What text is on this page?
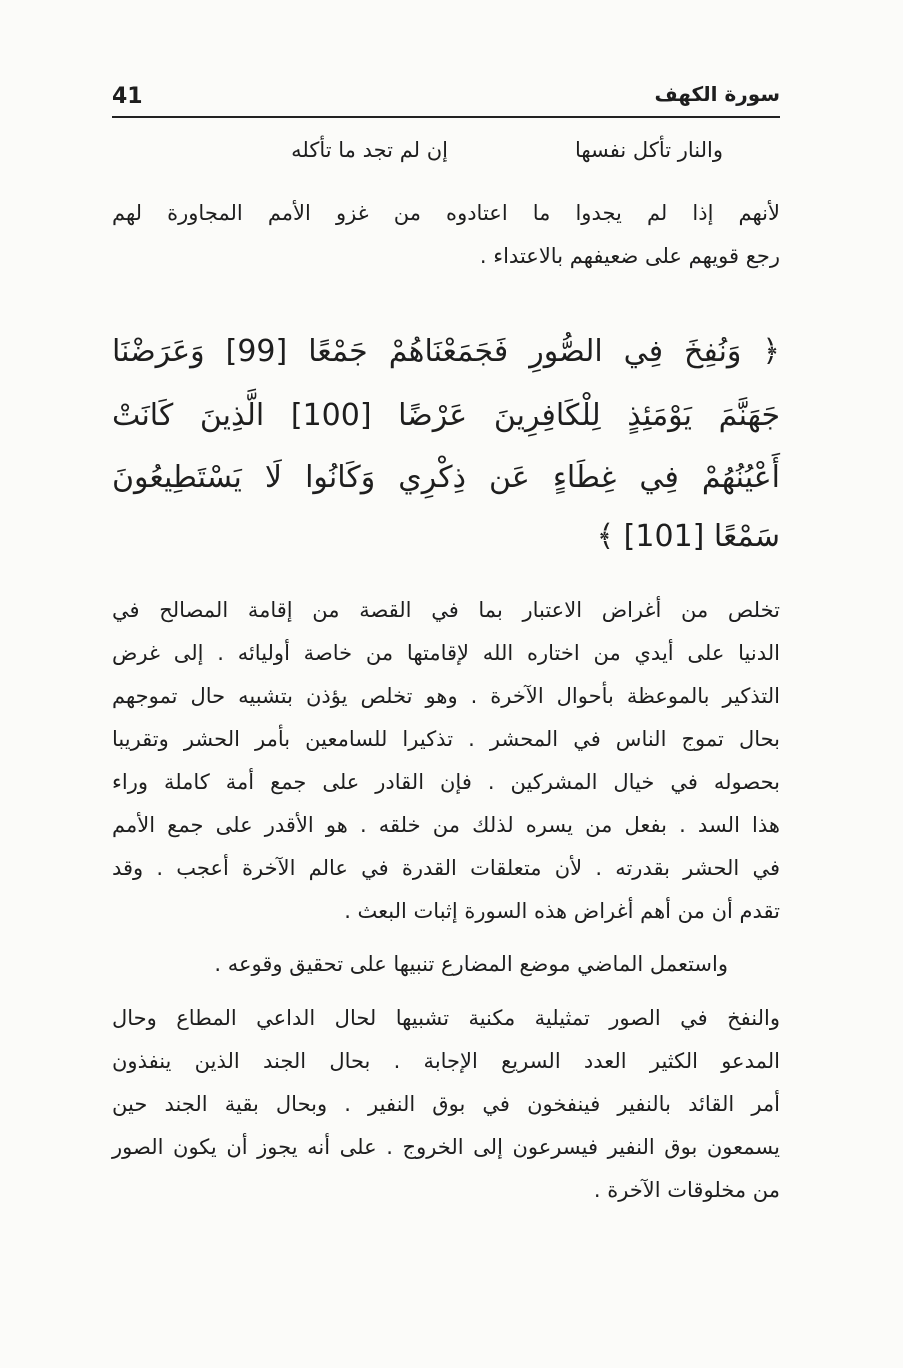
41	سورة الكهف
والنار تأكل نفسها
إن لم تجد ما تأكله
لأنهم إذا لم يجدوا ما اعتادوه من غزو الأمم المجاورة لهم
رجع قويهم على ضعيفهم بالاعتداء .
﴿ وَنُفِخَ فِي الصُّورِ فَجَمَعْنَاهُمْ جَمْعًا [99] وَعَرَضْنَا
جَهَنَّمَ يَوْمَئِذٍ لِلْكَافِرِينَ عَرْضًا [100] الَّذِينَ كَانَتْ
أَعْيُنُهُمْ فِي غِطَاءٍ عَن ذِكْرِي وَكَانُوا لَا يَسْتَطِيعُونَ
سَمْعًا [101] ﴾
تخلص من أغراض الاعتبار بما في القصة من إقامة المصالح في
الدنيا على أيدي من اختاره الله لإقامتها من خاصة أوليائه . إلى غرض
التذكير بالموعظة بأحوال الآخرة . وهو تخلص يؤذن بتشبيه حال تموجهم
بحال تموج الناس في المحشر . تذكيرا للسامعين بأمر الحشر وتقريبا
بحصوله في خيال المشركين . فإن القادر على جمع أمة كاملة وراء
هذا السد . بفعل من يسره لذلك من خلقه . هو الأقدر على جمع الأمم
في الحشر بقدرته . لأن متعلقات القدرة في عالم الآخرة أعجب . وقد
تقدم أن من أهم أغراض هذه السورة إثبات البعث .
واستعمل الماضي موضع المضارع تنبيها على تحقيق وقوعه .
والنفخ في الصور تمثيلية مكنية تشبيها لحال الداعي المطاع وحال
المدعو الكثير العدد السريع الإجابة . بحال الجند الذين ينفذون
أمر القائد بالنفير فينفخون في بوق النفير . وبحال بقية الجند حين
يسمعون بوق النفير فيسرعون إلى الخروج . على أنه يجوز أن يكون الصور
من مخلوقات الآخرة .
